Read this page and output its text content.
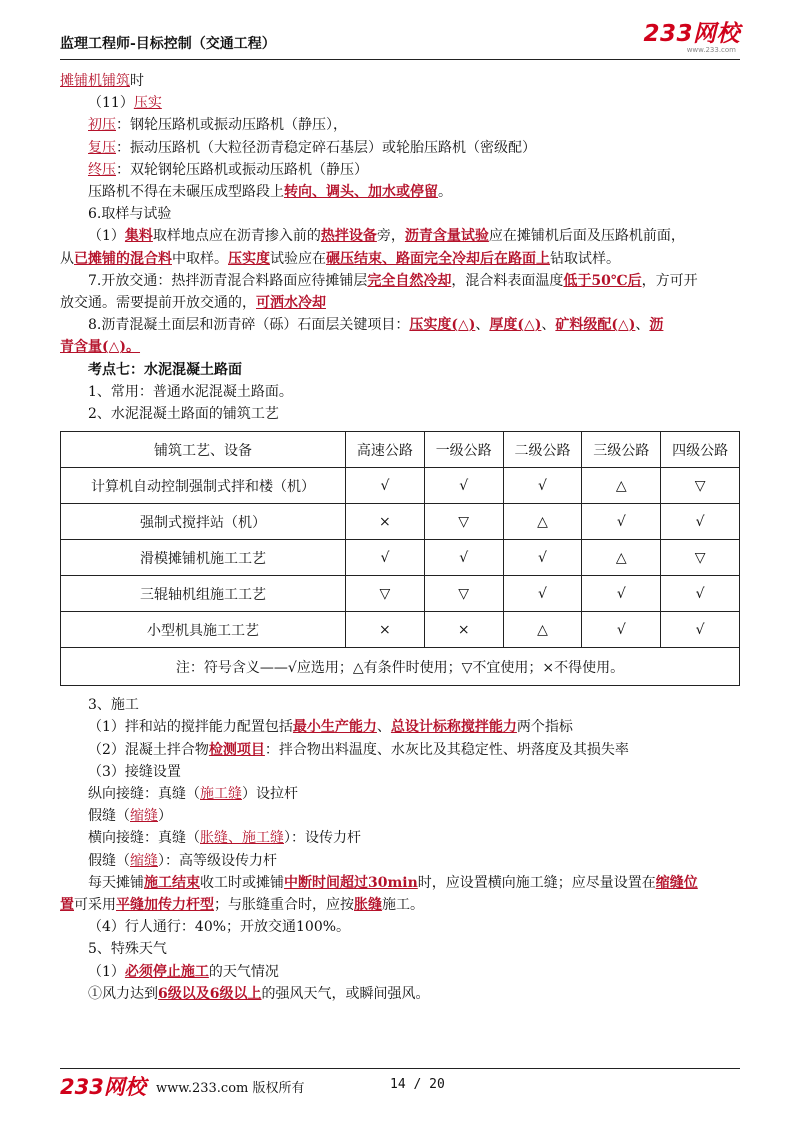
监理工程师-目标控制（交通工程）	233网校
www.233.com
摊铺机铺筑时
（11）压实
初压：钢轮压路机或振动压路机（静压），
复压：振动压路机（大粒径沥青稳定碎石基层）或轮胎压路机（密级配）
终压：双轮钢轮压路机或振动压路机（静压）
压路机不得在未碾压成型路段上转向、调头、加水或停留。
6.取样与试验
（1）集料取样地点应在沥青掺入前的热拌设备旁，沥青含量试验应在摊铺机后面及压路机前面，
从已摊铺的混合料中取样。压实度试验应在碾压结束、路面完全冷却后在路面上钻取试样。
7.开放交通：热拌沥青混合料路面应待摊铺层完全自然冷却，混合料表面温度低于50℃后，方可开
放交通。需要提前开放交通的，可洒水冷却
8.沥青混凝土面层和沥青碎（砾）石面层关键项目：压实度(△)、厚度(△)、矿料级配(△)、沥
青含量(△)。
考点七：水泥混凝土路面
1、常用：普通水泥混凝土路面。
2、水泥混凝土路面的铺筑工艺
铺筑工艺、设备	高速公路	一级公路	二级公路	三级公路	四级公路
计算机自动控制强制式拌和楼（机）	√	√	√	△	▽
强制式搅拌站（机）	×	▽	△	√	√
滑模摊铺机施工工艺	√	√	√	△	▽
三辊轴机组施工工艺	▽	▽	√	√	√
小型机具施工工艺	×	×	△	√	√
注：符号含义——√应选用；△有条件时使用；▽不宜使用；×不得使用。					
3、施工
（1）拌和站的搅拌能力配置包括最小生产能力、总设计标称搅拌能力两个指标
（2）混凝土拌合物检测项目：拌合物出料温度、水灰比及其稳定性、坍落度及其损失率
（3）接缝设置
纵向接缝：真缝（施工缝）设拉杆
假缝（缩缝）
横向接缝：真缝（胀缝、施工缝）：设传力杆
假缝（缩缝）：高等级设传力杆
每天摊铺施工结束收工时或摊铺中断时间超过30min时，应设置横向施工缝；应尽量设置在缩缝位
置可采用平缝加传力杆型；与胀缝重合时，应按胀缝施工。
（4）行人通行：40%；开放交通100%。
5、特殊天气
（1）必须停止施工的天气情况
①风力达到6级以及6级以上的强风天气，或瞬间强风。
233网校 www.233.com 版权所有	14 / 20
